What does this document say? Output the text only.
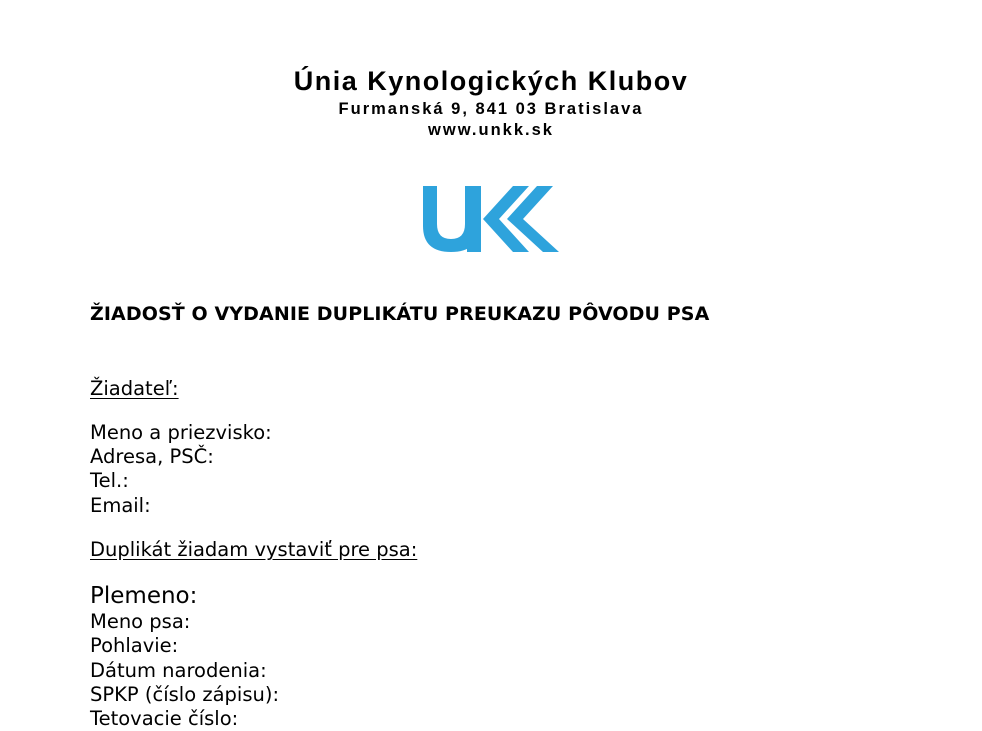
Únia Kynologických Klubov
Furmanská 9, 841 03 Bratislava
www.unkk.sk
ŽIADOSŤ O VYDANIE DUPLIKÁTU PREUKAZU PÔVODU PSA
Žiadateľ:
Meno a priezvisko:
Adresa, PSČ:
Tel.:
Email:
Duplikát žiadam vystaviť pre psa:
Plemeno:
Meno psa:
Pohlavie:
Dátum narodenia:
SPKP (číslo zápisu):
Tetovacie číslo:
